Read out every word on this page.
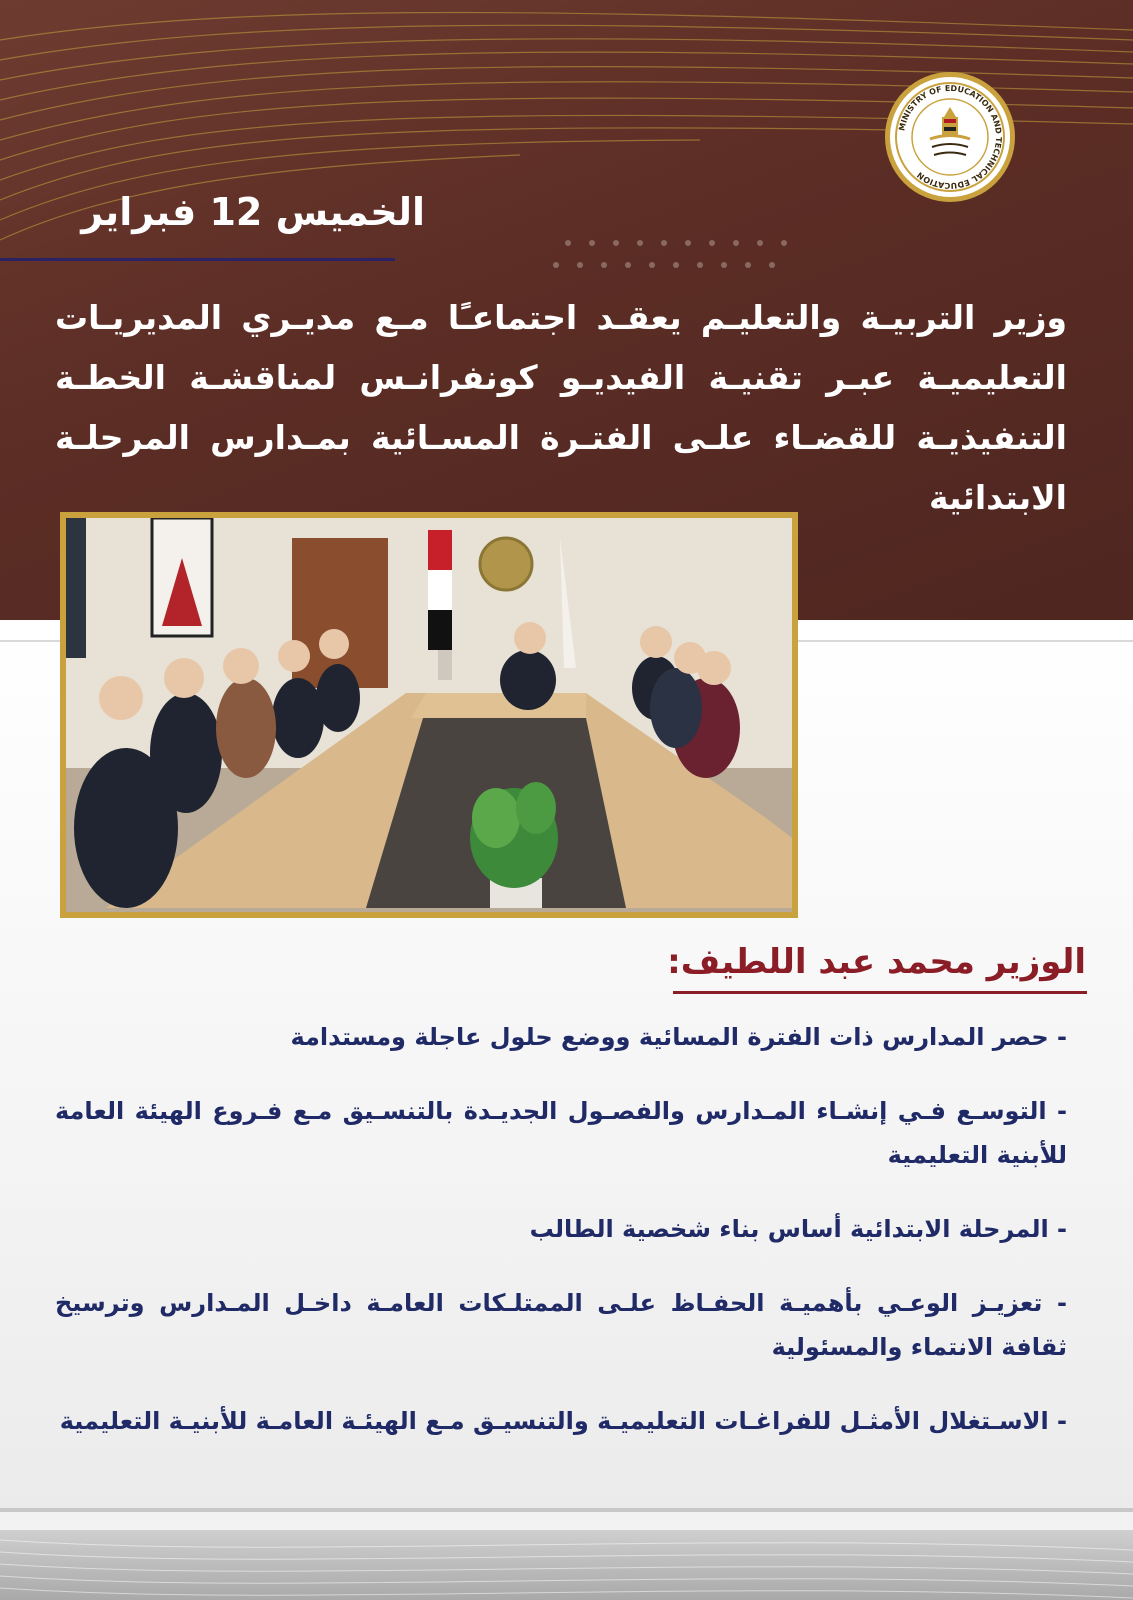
MINISTRY OF EDUCATION AND TECHNICAL EDUCATION
الخميس 12 فبراير

وزير التربيـة والتعليـم يعقـد اجتماعـًا مـع مديـري المديريـات التعليميـة عبـر تقنيـة الفيديـو كونفرانـس لمناقشـة الخطـة التنفيذيـة للقضـاء علـى الفتـرة المسـائية بمـدارس المرحلـة الابتدائية

الوزير محمد عبد اللطيف:
- حصر المدارس ذات الفترة المسائية ووضع حلول عاجلة ومستدامة
- التوسـع فـي إنشـاء المـدارس والفصـول الجديـدة بالتنسـيق مـع فـروع الهيئة العامة للأبنية التعليمية
- المرحلة الابتدائية أساس بناء شخصية الطالب
- تعزيـز الوعـي بأهميـة الحفـاظ علـى الممتلـكات العامـة داخـل المـدارس وترسيخ ثقافة الانتماء والمسئولية
- الاسـتغلال الأمثـل للفراغـات التعليميـة والتنسيـق مـع الهيئـة العامـة للأبنيـة التعليمية
